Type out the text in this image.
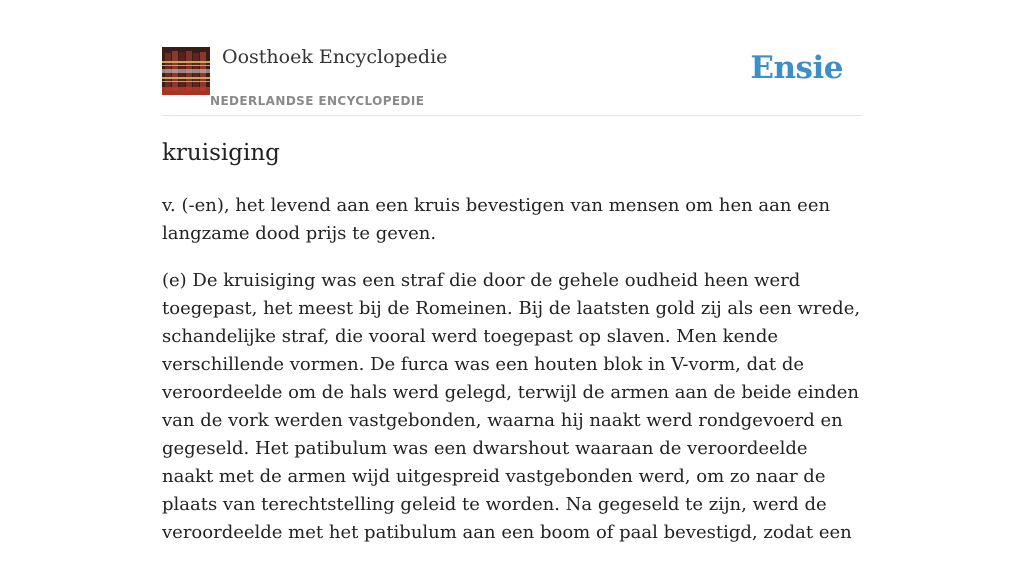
Oosthoek Encyclopedie
NEDERLANDSE ENCYCLOPEDIE
Ensie
kruisiging

v. (-en), het levend aan een kruis bevestigen van mensen om hen aan een langzame dood prijs te geven.

(e) De kruisiging was een straf die door de gehele oudheid heen werd toegepast, het meest bij de Romeinen. Bij de laatsten gold zij als een wrede, schandelijke straf, die vooral werd toegepast op slaven. Men kende verschillende vormen. De furca was een houten blok in V-vorm, dat de veroordeelde om de hals werd gelegd, terwijl de armen aan de beide einden van de vork werden vastgebonden, waarna hij naakt werd rondgevoerd en gegeseld. Het patibulum was een dwarshout waaraan de veroordeelde naakt met de armen wijd uitgespreid vastgebonden werd, om zo naar de plaats van terechtstelling geleid te worden. Na gegeseld te zijn, werd de veroordeelde met het patibulum aan een boom of paal bevestigd, zodat een
